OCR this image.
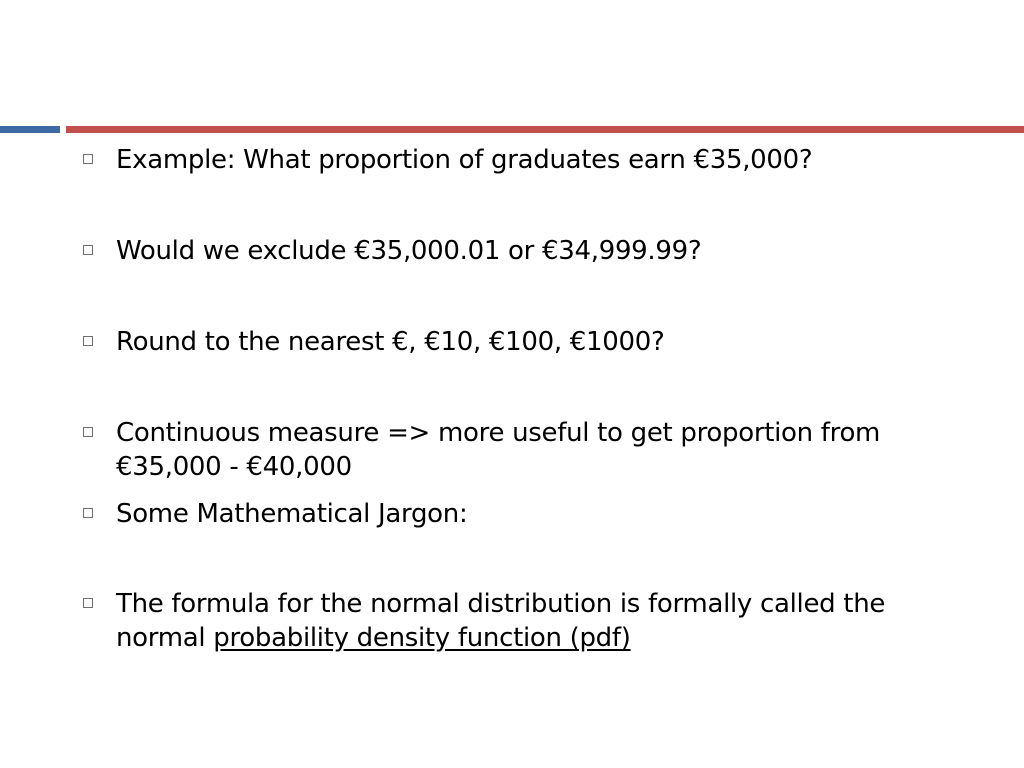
Example: What proportion of graduates earn €35,000?
Would we exclude €35,000.01 or €34,999.99?
Round to the nearest €, €10, €100, €1000?
Continuous measure => more useful to get proportion from €35,000 - €40,000
Some Mathematical Jargon:
The formula for the normal distribution is formally called the normal probability density function (pdf)
